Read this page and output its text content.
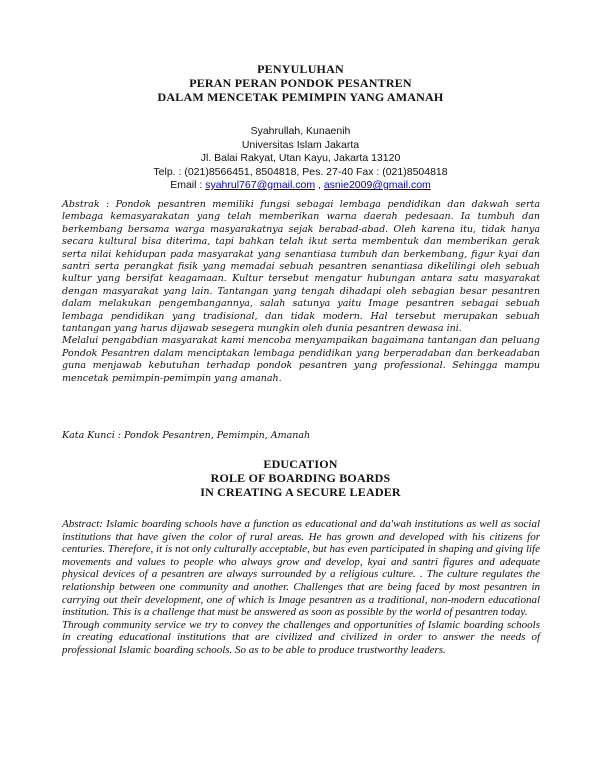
PENYULUHAN
PERAN PERAN PONDOK PESANTREN
DALAM MENCETAK PEMIMPIN YANG AMANAH
Syahrullah, Kunaenih
Universitas Islam Jakarta
Jl. Balai Rakyat, Utan Kayu, Jakarta 13120
Telp. : (021)8566451, 8504818, Pes. 27-40 Fax : (021)8504818
Email : syahrul767@gmail.com , asnie2009@gmail.com

Abstrak : Pondok pesantren memiliki fungsi sebagai lembaga pendidikan dan dakwah serta lembaga kemasyarakatan yang telah memberikan warna daerah pedesaan. Ia tumbuh dan berkembang bersama warga masyarakatnya sejak berabad-abad. Oleh karena itu, tidak hanya secara kultural bisa diterima, tapi bahkan telah ikut serta membentuk dan memberikan gerak serta nilai kehidupan pada masyarakat yang senantiasa tumbuh dan berkembang, figur kyai dan santri serta perangkat fisik yang memadai sebuah pesantren senantiasa dikelilingi oleh sebuah kultur yang bersifat keagamaan. Kultur tersebut mengatur hubungan antara satu masyarakat dengan masyarakat yang lain. Tantangan yang tengah dihadapi oleh sebagian besar pesantren dalam melakukan pengembangannya, salah satunya yaitu Image pesantren sebagai sebuah lembaga pendidikan yang tradisional, dan tidak modern. Hal tersebut merupakan sebuah tantangan yang harus dijawab sesegera mungkin oleh dunia pesantren dewasa ini.

Melalui pengabdian masyarakat kami mencoba menyampaikan bagaimana tantangan dan peluang Pondok Pesantren dalam menciptakan lembaga pendidikan yang berperadaban dan berkeadaban guna menjawab kebutuhan terhadap pondok pesantren yang professional. Sehingga mampu mencetak pemimpin-pemimpin yang amanah.

Kata Kunci : Pondok Pesantren, Pemimpin, Amanah
EDUCATION
ROLE OF BOARDING BOARDS
IN CREATING A SECURE LEADER

Abstract: Islamic boarding schools have a function as educational and da'wah institutions as well as social institutions that have given the color of rural areas. He has grown and developed with his citizens for centuries. Therefore, it is not only culturally acceptable, but has even participated in shaping and giving life movements and values to people who always grow and develop, kyai and santri figures and adequate physical devices of a pesantren are always surrounded by a religious culture. . The culture regulates the relationship between one community and another. Challenges that are being faced by most pesantren in carrying out their development, one of which is Image pesantren as a traditional, non-modern educational institution. This is a challenge that must be answered as soon as possible by the world of pesantren today.

Through community service we try to convey the challenges and opportunities of Islamic boarding schools in creating educational institutions that are civilized and civilized in order to answer the needs of professional Islamic boarding schools. So as to be able to produce trustworthy leaders.
